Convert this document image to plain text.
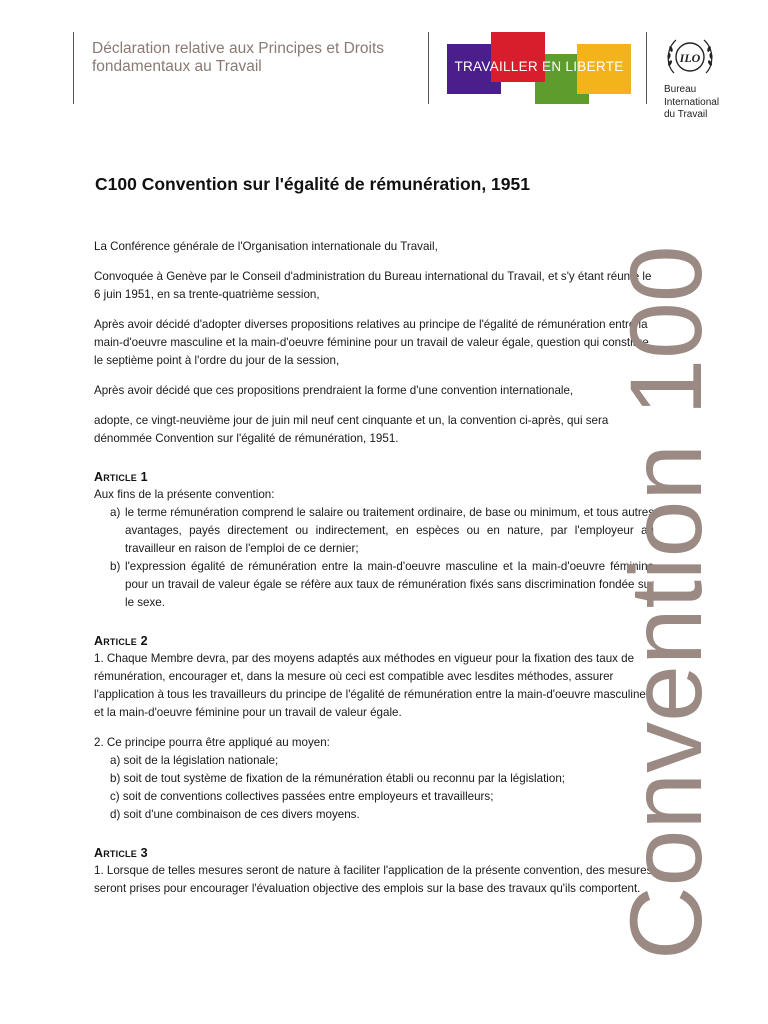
Déclaration relative aux Principes et Droits
fondamentaux au Travail	TRAVAILLER EN LIBERTE
ILO
Bureau
International
du Travail
C100 Convention sur l'égalité de rémunération, 1951

La Conférence générale de l'Organisation internationale du Travail,

Convoquée à Genève par le Conseil d'administration du Bureau international du Travail, et s'y étant réunie le 6 juin 1951, en sa trente-quatrième session,

Après avoir décidé d'adopter diverses propositions relatives au principe de l'égalité de rémunération entre la main-d'oeuvre masculine et la main-d'oeuvre féminine pour un travail de valeur égale, question qui constitue le septième point à l'ordre du jour de la session,

Après avoir décidé que ces propositions prendraient la forme d'une convention internationale,

adopte, ce vingt-neuvième jour de juin mil neuf cent cinquante et un, la convention ci-après, qui sera dénommée Convention sur l'égalité de rémunération, 1951.

Article 1

Aux fins de la présente convention:

a) le terme rémunération comprend le salaire ou traitement ordinaire, de base ou minimum, et tous autres avantages, payés directement ou indirectement, en espèces ou en nature, par l'employeur au travailleur en raison de l'emploi de ce dernier;
b) l'expression égalité de rémunération entre la main-d'oeuvre masculine et la main-d'oeuvre féminine pour un travail de valeur égale se réfère aux taux de rémunération fixés sans discrimination fondée sur le sexe.
Article 2

1. Chaque Membre devra, par des moyens adaptés aux méthodes en vigueur pour la fixation des taux de rémunération, encourager et, dans la mesure où ceci est compatible avec lesdites méthodes, assurer l'application à tous les travailleurs du principe de l'égalité de rémunération entre la main-d'oeuvre masculine et la main-d'oeuvre féminine pour un travail de valeur égale.

2. Ce principe pourra être appliqué au moyen:

a) soit de la législation nationale;
b) soit de tout système de fixation de la rémunération établi ou reconnu par la législation;
c) soit de conventions collectives passées entre employeurs et travailleurs;
d) soit d'une combinaison de ces divers moyens.
Article 3

1. Lorsque de telles mesures seront de nature à faciliter l'application de la présente convention, des mesures seront prises pour encourager l'évaluation objective des emplois sur la base des travaux qu'ils comportent.

Convention 100
